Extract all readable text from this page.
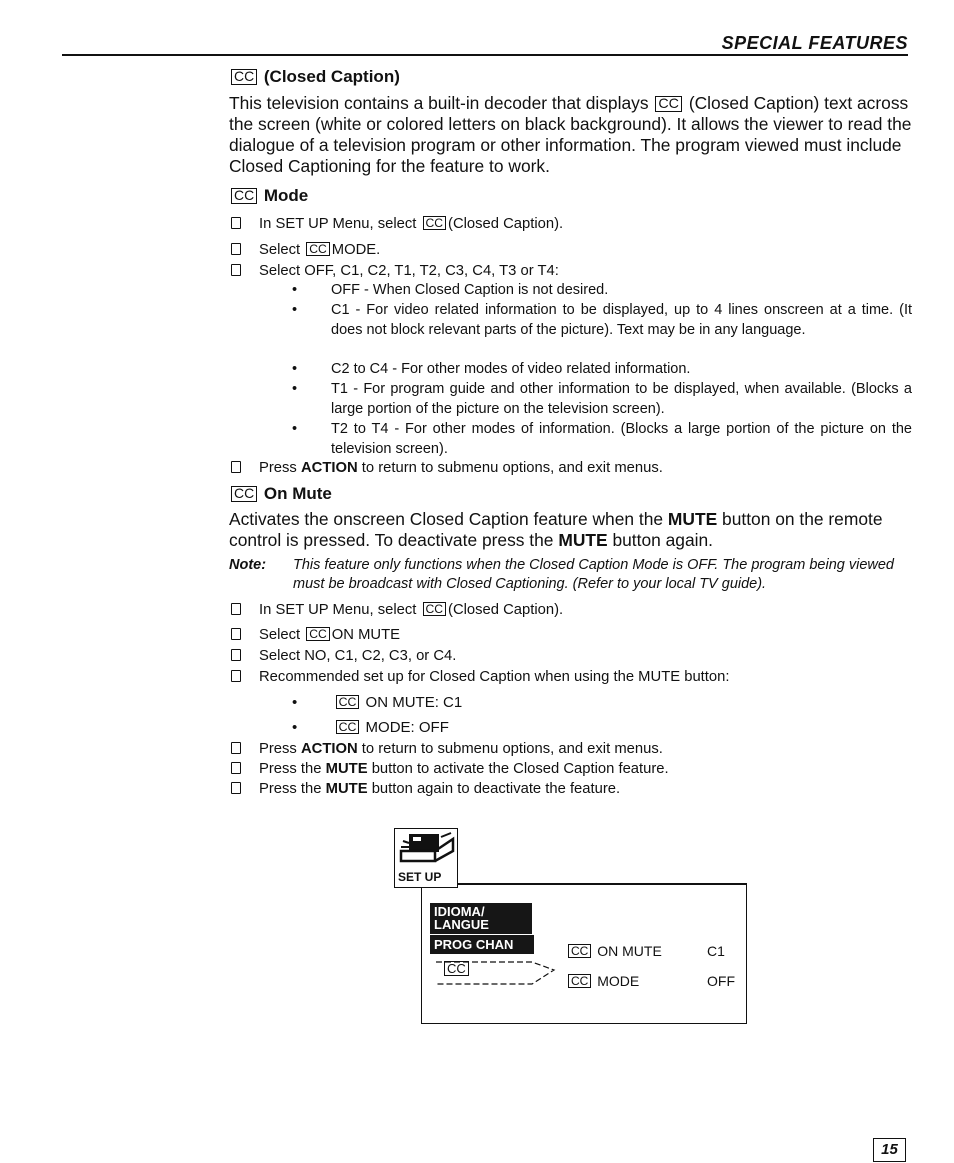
SPECIAL FEATURES
CC (Closed Caption)
This television contains a built-in decoder that displays CC (Closed Caption) text across the screen (white or colored letters on black background). It allows the viewer to read the dialogue of a television program or other information. The program viewed must include Closed Captioning for the feature to work.
CC Mode
In SET UP Menu, select CC (Closed Caption).
Select CC MODE.
Select OFF, C1, C2, T1, T2, C3, C4, T3 or T4:
• OFF - When Closed Caption is not desired.
• C1 - For video related information to be displayed, up to 4 lines onscreen at a time. (It does not block relevant parts of the picture). Text may be in any language.
• C2 to C4 - For other modes of video related information.
• T1 - For program guide and other information to be displayed, when available. (Blocks a large portion of the picture on the television screen).
• T2 to T4 - For other modes of information. (Blocks a large portion of the picture on the television screen).
Press ACTION to return to submenu options, and exit menus.
CC On Mute
Activates the onscreen Closed Caption feature when the MUTE button on the remote control is pressed. To deactivate press the MUTE button again.
Note: This feature only functions when the Closed Caption Mode is OFF. The program being viewed must be broadcast with Closed Captioning. (Refer to your local TV guide).
In SET UP Menu, select CC (Closed Caption).
Select CC ON MUTE
Select NO, C1, C2, C3, or C4.
Recommended set up for Closed Caption when using the MUTE button:
•	CC ON MUTE: C1
•	CC MODE: OFF
Press ACTION to return to submenu options, and exit menus.
Press the MUTE button to activate the Closed Caption feature.
Press the MUTE button again to deactivate the feature.
SET UP
IDIOMA/
LANGUE
PROG CHAN
CC
CC ON MUTE	C1
CC MODE	OFF
15
